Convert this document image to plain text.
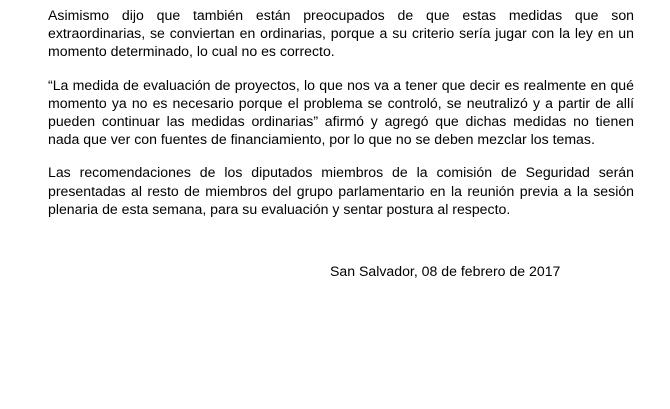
Asimismo dijo que también están preocupados de que estas medidas que son extraordinarias, se conviertan en ordinarias, porque a su criterio sería jugar con la ley en un momento determinado, lo cual no es correcto.

“La medida de evaluación de proyectos, lo que nos va a tener que decir es realmente en qué momento ya no es necesario porque el problema se controló, se neutralizó y a partir de allí pueden continuar las medidas ordinarias” afirmó y agregó que dichas medidas no tienen nada que ver con fuentes de financiamiento, por lo que no se deben mezclar los temas.

Las recomendaciones de los diputados miembros de la comisión de Seguridad serán presentadas al resto de miembros del grupo parlamentario en la reunión previa a la sesión plenaria de esta semana, para su evaluación y sentar postura al respecto.

San Salvador, 08 de febrero de 2017
